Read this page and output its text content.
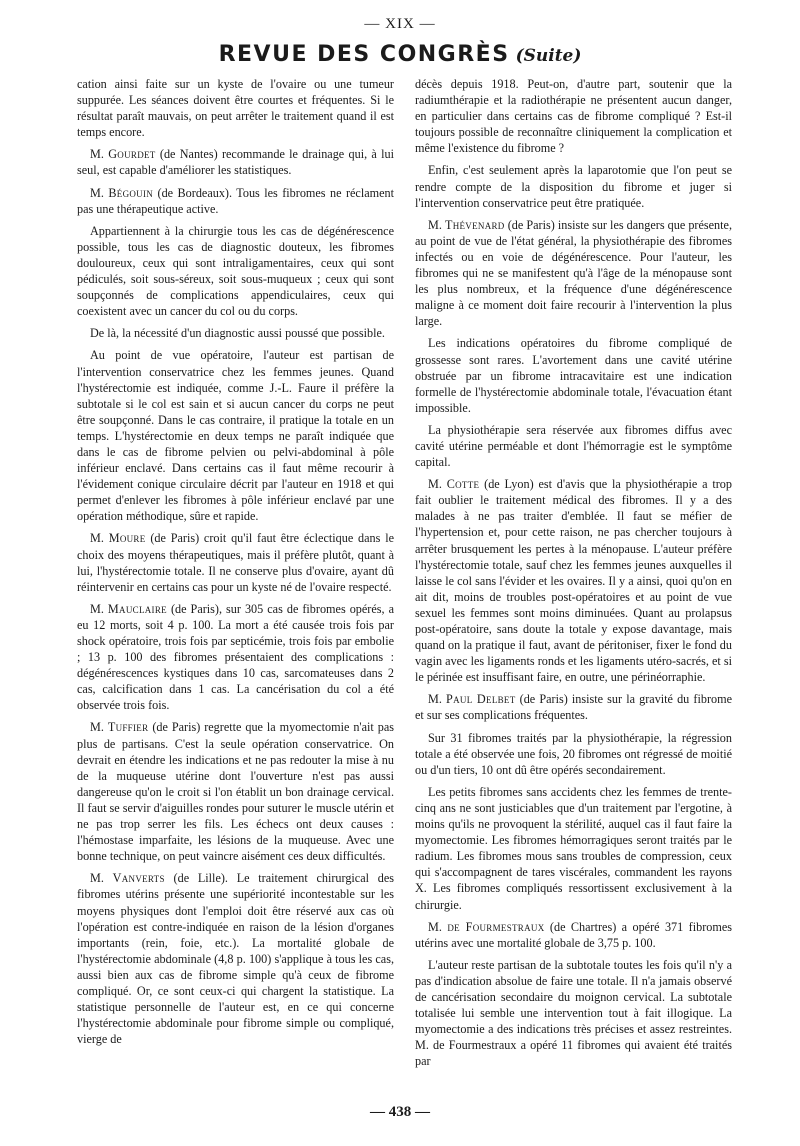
— XIX —
REVUE DES CONGRÈS (Suite)

cation ainsi faite sur un kyste de l'ovaire ou une tumeur suppurée. Les séances doivent être courtes et fréquentes. Si le résultat paraît mauvais, on peut arrêter le traitement quand il est temps encore.

M. Gourdet (de Nantes) recommande le drainage qui, à lui seul, est capable d'améliorer les statistiques.

M. Bégouin (de Bordeaux). Tous les fibromes ne réclament pas une thérapeutique active.

Appartiennent à la chirurgie tous les cas de dégénérescence possible, tous les cas de diagnostic douteux, les fibromes douloureux, ceux qui sont intraligamentaires, ceux qui sont pédiculés, soit sous-séreux, soit sous-muqueux ; ceux qui sont soupçonnés de complications appendiculaires, ceux qui coexistent avec un cancer du col ou du corps.

De là, la nécessité d'un diagnostic aussi poussé que possible.

Au point de vue opératoire, l'auteur est partisan de l'intervention conservatrice chez les femmes jeunes. Quand l'hystérectomie est indiquée, comme J.-L. Faure il préfère la subtotale si le col est sain et si aucun cancer du corps ne peut être soupçonné. Dans le cas contraire, il pratique la totale en un temps. L'hystérectomie en deux temps ne paraît indiquée que dans le cas de fibrome pelvien ou pelvi-abdominal à pôle inférieur enclavé. Dans certains cas il faut même recourir à l'évidement conique circulaire décrit par l'auteur en 1918 et qui permet d'enlever les fibromes à pôle inférieur enclavé par une opération méthodique, sûre et rapide.

M. Moure (de Paris) croit qu'il faut être éclectique dans le choix des moyens thérapeutiques, mais il préfère plutôt, quant à lui, l'hystérectomie totale. Il ne conserve plus d'ovaire, ayant dû réintervenir en certains cas pour un kyste né de l'ovaire respecté.

M. Mauclaire (de Paris), sur 305 cas de fibromes opérés, a eu 12 morts, soit 4 p. 100. La mort a été causée trois fois par shock opératoire, trois fois par septicémie, trois fois par embolie ; 13 p. 100 des fibromes présentaient des complications : dégénérescences kystiques dans 10 cas, sarcomateuses dans 2 cas, calcification dans 1 cas. La cancérisation du col a été observée trois fois.

M. Tuffier (de Paris) regrette que la myomectomie n'ait pas plus de partisans. C'est la seule opération conservatrice. On devrait en étendre les indications et ne pas redouter la mise à nu de la muqueuse utérine dont l'ouverture n'est pas aussi dangereuse qu'on le croit si l'on établit un bon drainage cervical. Il faut se servir d'aiguilles rondes pour suturer le muscle utérin et ne pas trop serrer les fils. Les échecs ont deux causes : l'hémostase imparfaite, les lésions de la muqueuse. Avec une bonne technique, on peut vaincre aisément ces deux difficultés.

M. Vanverts (de Lille). Le traitement chirurgical des fibromes utérins présente une supériorité incontestable sur les moyens physiques dont l'emploi doit être réservé aux cas où l'opération est contre-indiquée en raison de la lésion d'organes importants (rein, foie, etc.). La mortalité globale de l'hystérectomie abdominale (4,8 p. 100) s'applique à tous les cas, aussi bien aux cas de fibrome simple qu'à ceux de fibrome compliqué. Or, ce sont ceux-ci qui chargent la statistique. La statistique personnelle de l'auteur est, en ce qui concerne l'hystérectomie abdominale pour fibrome simple ou compliqué, vierge de

décès depuis 1918. Peut-on, d'autre part, soutenir que la radiumthérapie et la radiothérapie ne présentent aucun danger, en particulier dans certains cas de fibrome compliqué ? Est-il toujours possible de reconnaître cliniquement la complication et même l'existence du fibrome ?

Enfin, c'est seulement après la laparotomie que l'on peut se rendre compte de la disposition du fibrome et juger si l'intervention conservatrice peut être pratiquée.

M. Thévenard (de Paris) insiste sur les dangers que présente, au point de vue de l'état général, la physiothérapie des fibromes infectés ou en voie de dégénérescence. Pour l'auteur, les fibromes qui ne se manifestent qu'à l'âge de la ménopause sont les plus nombreux, et la fréquence d'une dégénérescence maligne à ce moment doit faire recourir à l'intervention la plus large.

Les indications opératoires du fibrome compliqué de grossesse sont rares. L'avortement dans une cavité utérine obstruée par un fibrome intracavitaire est une indication formelle de l'hystérectomie abdominale totale, l'évacuation étant impossible.

La physiothérapie sera réservée aux fibromes diffus avec cavité utérine perméable et dont l'hémorragie est le symptôme capital.

M. Cotte (de Lyon) est d'avis que la physiothérapie a trop fait oublier le traitement médical des fibromes. Il y a des malades à ne pas traiter d'emblée. Il faut se méfier de l'hypertension et, pour cette raison, ne pas chercher toujours à arrêter brusquement les pertes à la ménopause. L'auteur préfère l'hystérectomie totale, sauf chez les femmes jeunes auxquelles il laisse le col sans l'évider et les ovaires. Il y a ainsi, quoi qu'on en ait dit, moins de troubles post-opératoires et au point de vue sexuel les femmes sont moins diminuées. Quant au prolapsus post-opératoire, sans doute la totale y expose davantage, mais quand on la pratique il faut, avant de péritoniser, fixer le fond du vagin avec les ligaments ronds et les ligaments utéro-sacrés, et si le périnée est insuffisant faire, en outre, une périnéorraphie.

M. Paul Delbet (de Paris) insiste sur la gravité du fibrome et sur ses complications fréquentes.

Sur 31 fibromes traités par la physiothérapie, la régression totale a été observée une fois, 20 fibromes ont régressé de moitié ou d'un tiers, 10 ont dû être opérés secondairement.

Les petits fibromes sans accidents chez les femmes de trente-cinq ans ne sont justiciables que d'un traitement par l'ergotine, à moins qu'ils ne provoquent la stérilité, auquel cas il faut faire la myomectomie. Les fibromes hémorragiques seront traités par le radium. Les fibromes mous sans troubles de compression, ceux qui s'accompagnent de tares viscérales, commandent les rayons X. Les fibromes compliqués ressortissent exclusivement à la chirurgie.

M. de Fourmestraux (de Chartres) a opéré 371 fibromes utérins avec une mortalité globale de 3,75 p. 100.

L'auteur reste partisan de la subtotale toutes les fois qu'il n'y a pas d'indication absolue de faire une totale. Il n'a jamais observé de cancérisation secondaire du moignon cervical. La subtotale totalisée lui semble une intervention tout à fait illogique. La myomectomie a des indications très précises et assez restreintes. M. de Fourmestraux a opéré 11 fibromes qui avaient été traités par

— 438 —
